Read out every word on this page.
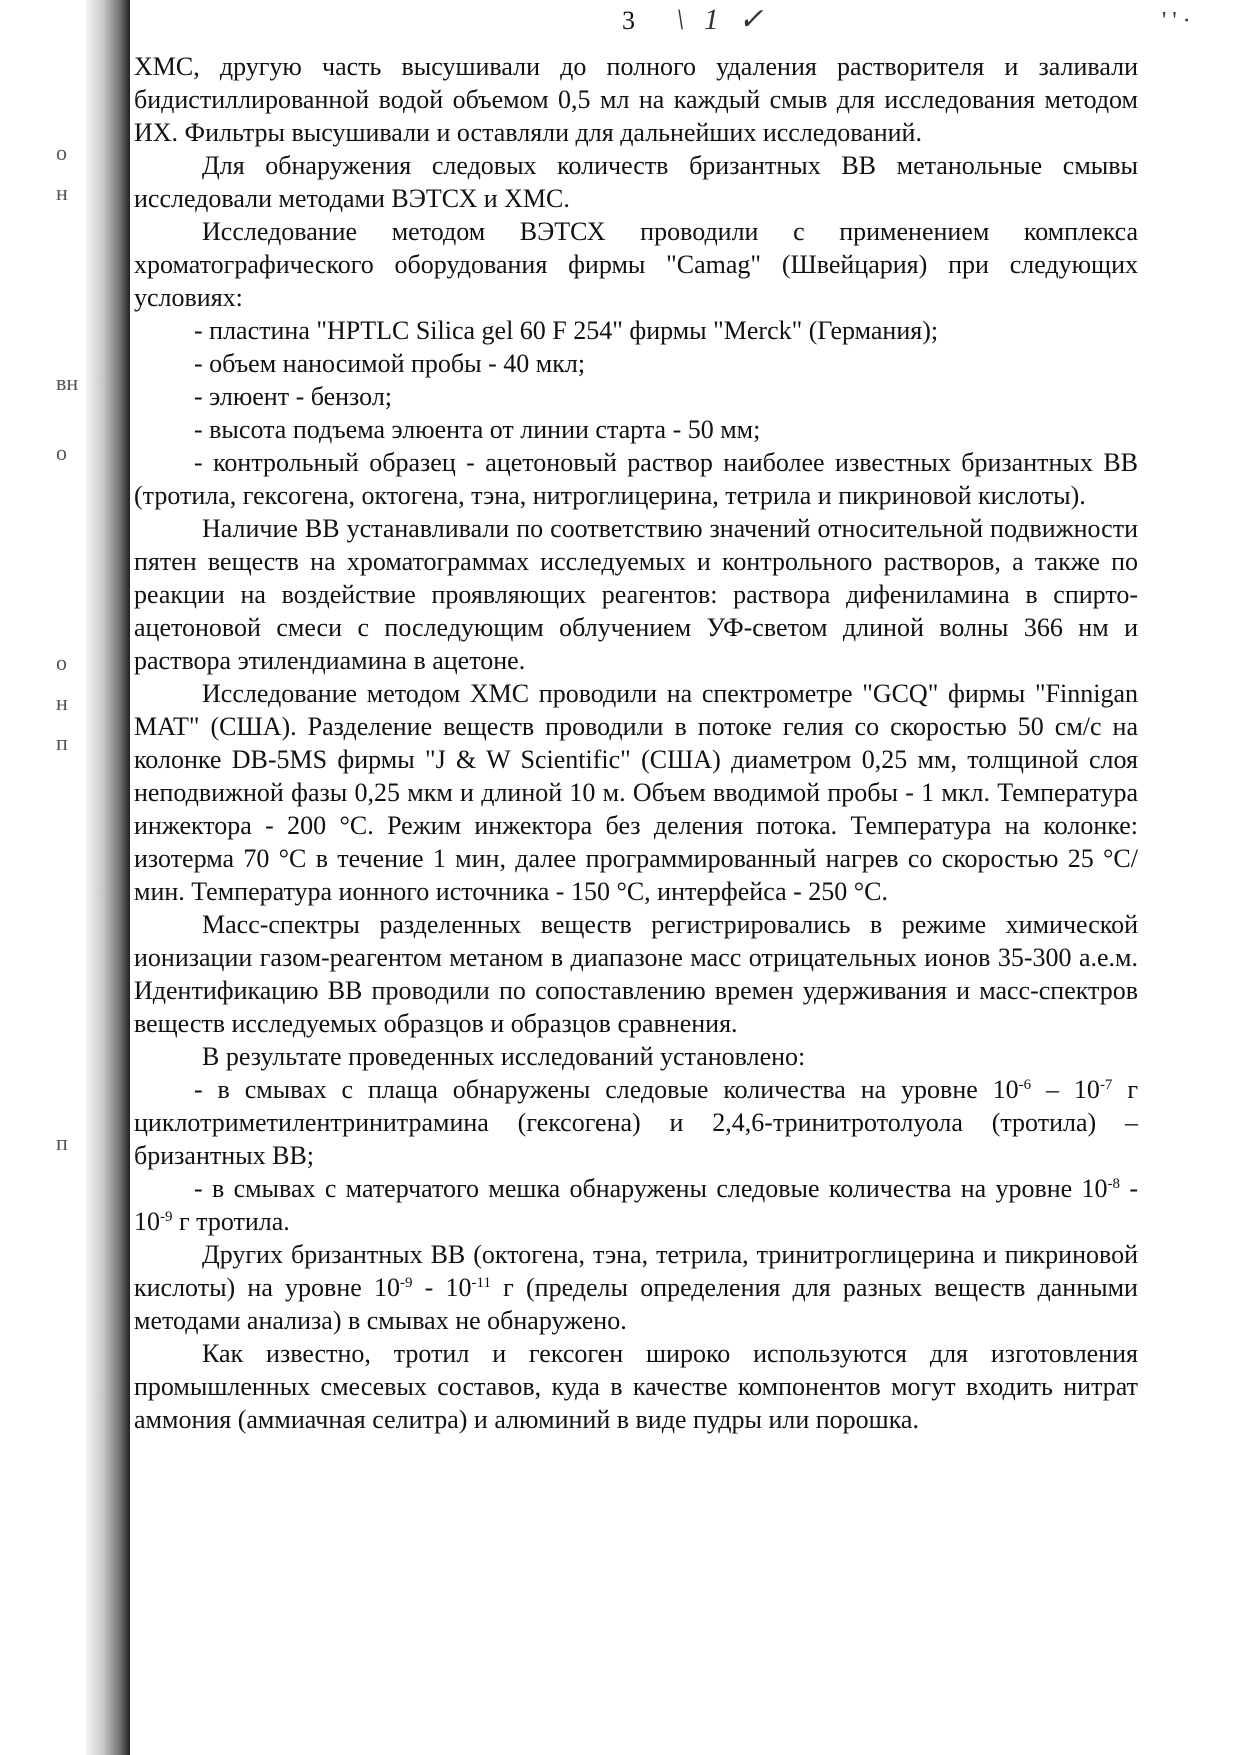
o
н
вн
о
о
н
п
п
3 \ 1 ✓	' ' ·

ХМС, другую часть высушивали до полного удаления растворителя и заливали бидистиллированной водой объемом 0,5 мл на каждый смыв для исследования методом ИХ. Фильтры высушивали и оставляли для дальнейших исследований.

Для обнаружения следовых количеств бризантных ВВ метанольные смывы исследовали методами ВЭТСХ и ХМС.

Исследование методом ВЭТСХ проводили с применением комплекса хроматографического оборудования фирмы "Camag" (Швейцария) при следующих условиях:

- пластина "HPTLC Silica gel 60 F 254" фирмы "Merck" (Германия);

- объем наносимой пробы - 40 мкл;

- элюент - бензол;

- высота подъема элюента от линии старта - 50 мм;

- контрольный образец - ацетоновый раствор наиболее известных бризантных ВВ (тротила, гексогена, октогена, тэна, нитроглицерина, тетрила и пикриновой кислоты).

Наличие ВВ устанавливали по соответствию значений относительной подвижности пятен веществ на хроматограммах исследуемых и контрольного растворов, а также по реакции на воздействие проявляющих реагентов: раствора дифениламина в спирто-ацетоновой смеси с последующим облучением УФ-светом длиной волны 366 нм и раствора этилендиамина в ацетоне.

Исследование методом ХМС проводили на спектрометре "GCQ" фирмы "Finnigan MAT" (США). Разделение веществ проводили в потоке гелия со скоростью 50 см/с на колонке DB-5MS фирмы "J & W Scientific" (США) диаметром 0,25 мм, толщиной слоя неподвижной фазы 0,25 мкм и длиной 10 м. Объем вводимой пробы - 1 мкл. Температура инжектора - 200 °С. Режим инжектора без деления потока. Температура на колонке: изотерма 70 °С в течение 1 мин, далее программированный нагрев со скоростью 25 °С/мин. Температура ионного источника - 150 °С, интерфейса - 250 °С.

Масс-спектры разделенных веществ регистрировались в режиме химической ионизации газом-реагентом метаном в диапазоне масс отрицательных ионов 35-300 а.е.м. Идентификацию ВВ проводили по сопоставлению времен удерживания и масс-спектров веществ исследуемых образцов и образцов сравнения.

В результате проведенных исследований установлено:

- в смывах с плаща обнаружены следовые количества на уровне $10^{-6} - 10^{-7}$ г циклотриметилентринитрамина (гексогена) и 2,4,6-тринитротолуола (тротила) – бризантных ВВ;

- в смывах с матерчатого мешка обнаружены следовые количества на уровне $10^{-8} - 10^{-9}$ г тротила.

Других бризантных ВВ (октогена, тэна, тетрила, тринитроглицерина и пикриновой кислоты) на уровне $10^{-9} - 10^{-11}$ г (пределы определения для разных веществ данными методами анализа) в смывах не обнаружено.

Как известно, тротил и гексоген широко используются для изготовления промышленных смесевых составов, куда в качестве компонентов могут входить нитрат аммония (аммиачная селитра) и алюминий в виде пудры или порошка.
